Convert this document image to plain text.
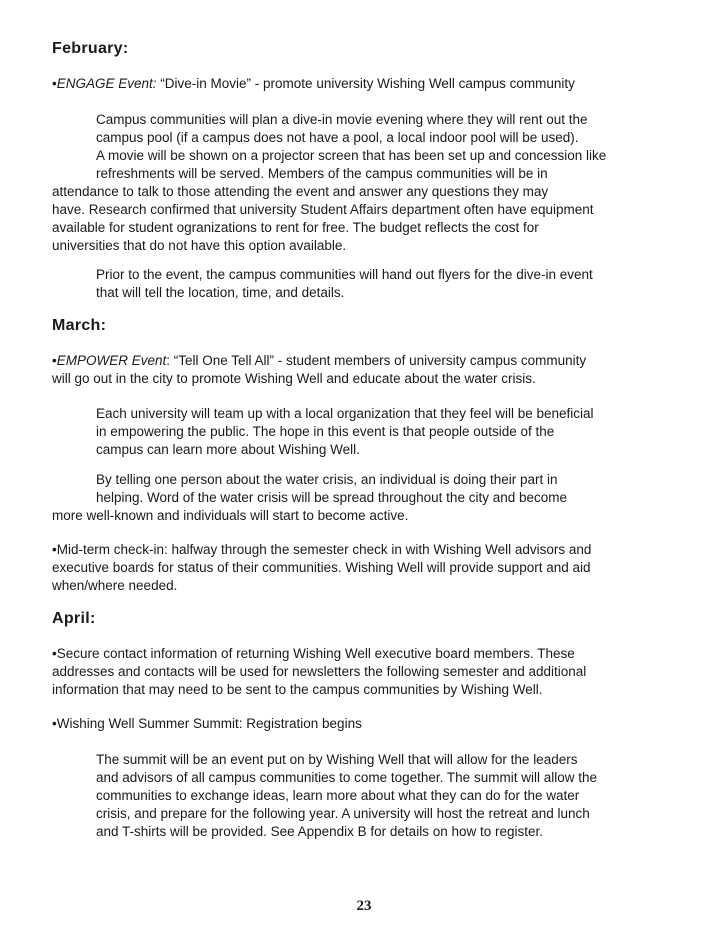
February:
•ENGAGE Event: “Dive-in Movie” - promote university Wishing Well campus community
Campus communities will plan a dive-in movie evening where they will rent out the
campus pool (if a campus does not have a pool, a local indoor pool will be used).
A movie will be shown on a projector screen that has been set up and concession like
refreshments will be served. Members of the campus communities will be in
attendance to talk to those attending the event and answer any questions they may
have. Research confirmed that university Student Affairs department often have equipment
available for student ogranizations to rent for free. The budget reflects the cost for
universities that do not have this option available.
Prior to the event, the campus communities will hand out flyers for the dive-in event
that will tell the location, time, and details.
March:
•EMPOWER Event: “Tell One Tell All” - student members of university campus community
will go out in the city to promote Wishing Well and educate about the water crisis.
Each university will team up with a local organization that they feel will be beneficial
in empowering the public. The hope in this event is that people outside of the
campus can learn more about Wishing Well.
By telling one person about the water crisis, an individual is doing their part in
helping. Word of the water crisis will be spread throughout the city and become
more well-known and individuals will start to become active.
•Mid-term check-in: halfway through the semester check in with Wishing Well advisors and
executive boards for status of their communities. Wishing Well will provide support and aid
when/where needed.
April:
•Secure contact information of returning Wishing Well executive board members. These
addresses and contacts will be used for newsletters the following semester and additional
information that may need to be sent to the campus communities by Wishing Well.
•Wishing Well Summer Summit: Registration begins
The summit will be an event put on by Wishing Well that will allow for the leaders
and advisors of all campus communities to come together. The summit will allow the
communities to exchange ideas, learn more about what they can do for the water
crisis, and prepare for the following year. A university will host the retreat and lunch
and T-shirts will be provided. See Appendix B for details on how to register.
23
